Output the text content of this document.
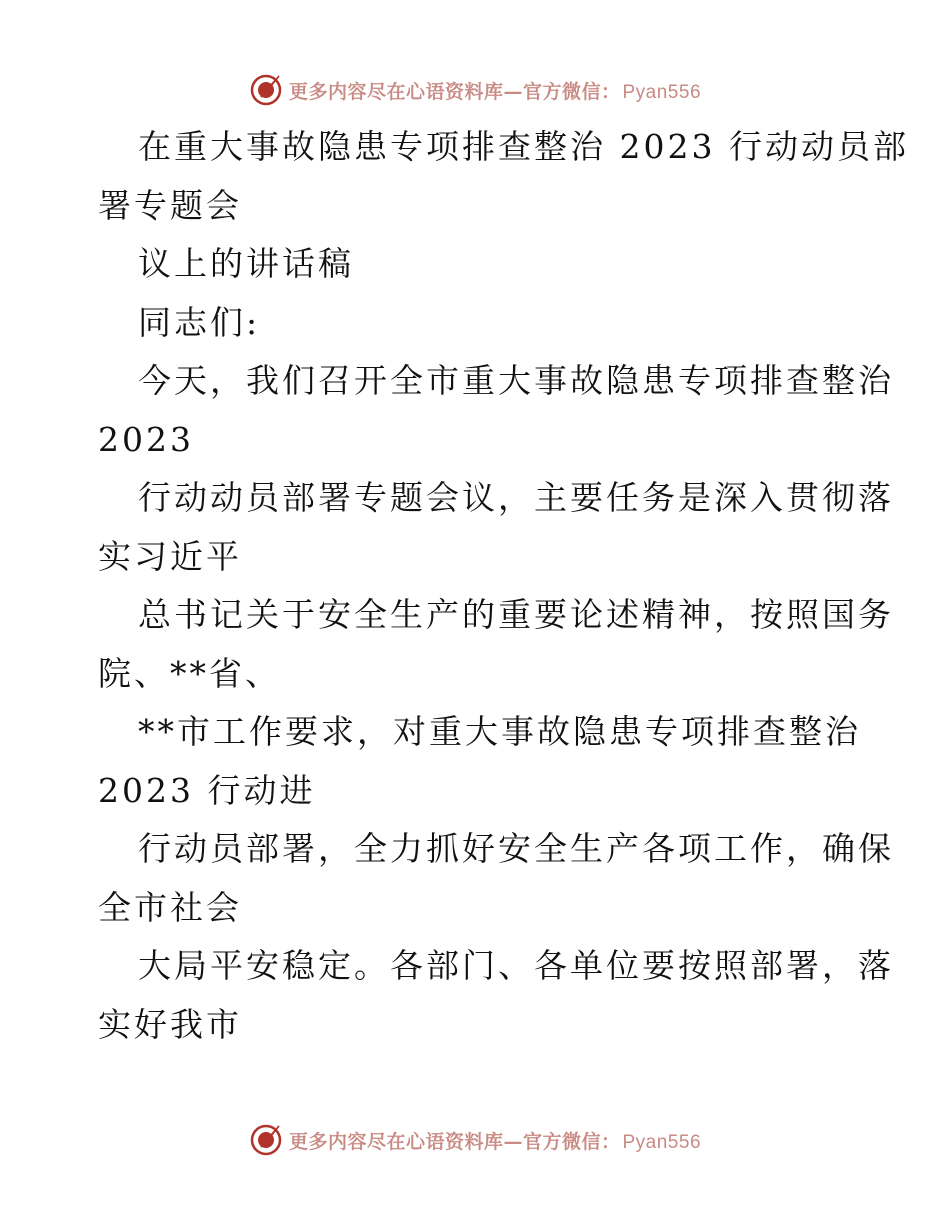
更多内容尽在心语资料库—官方微信： Pyan556
在重大事故隐患专项排查整治 2023 行动动员部
署专题会
议上的讲话稿
同志们:
今天，我们召开全市重大事故隐患专项排查整治
2023
行动动员部署专题会议，主要任务是深入贯彻落
实习近平
总书记关于安全生产的重要论述精神，按照国务
院、**省、
**市工作要求，对重大事故隐患专项排查整治
2023 行动进
行动员部署，全力抓好安全生产各项工作，确保
全市社会
大局平安稳定。各部门、各单位要按照部署，落
实好我市
更多内容尽在心语资料库—官方微信： Pyan556
